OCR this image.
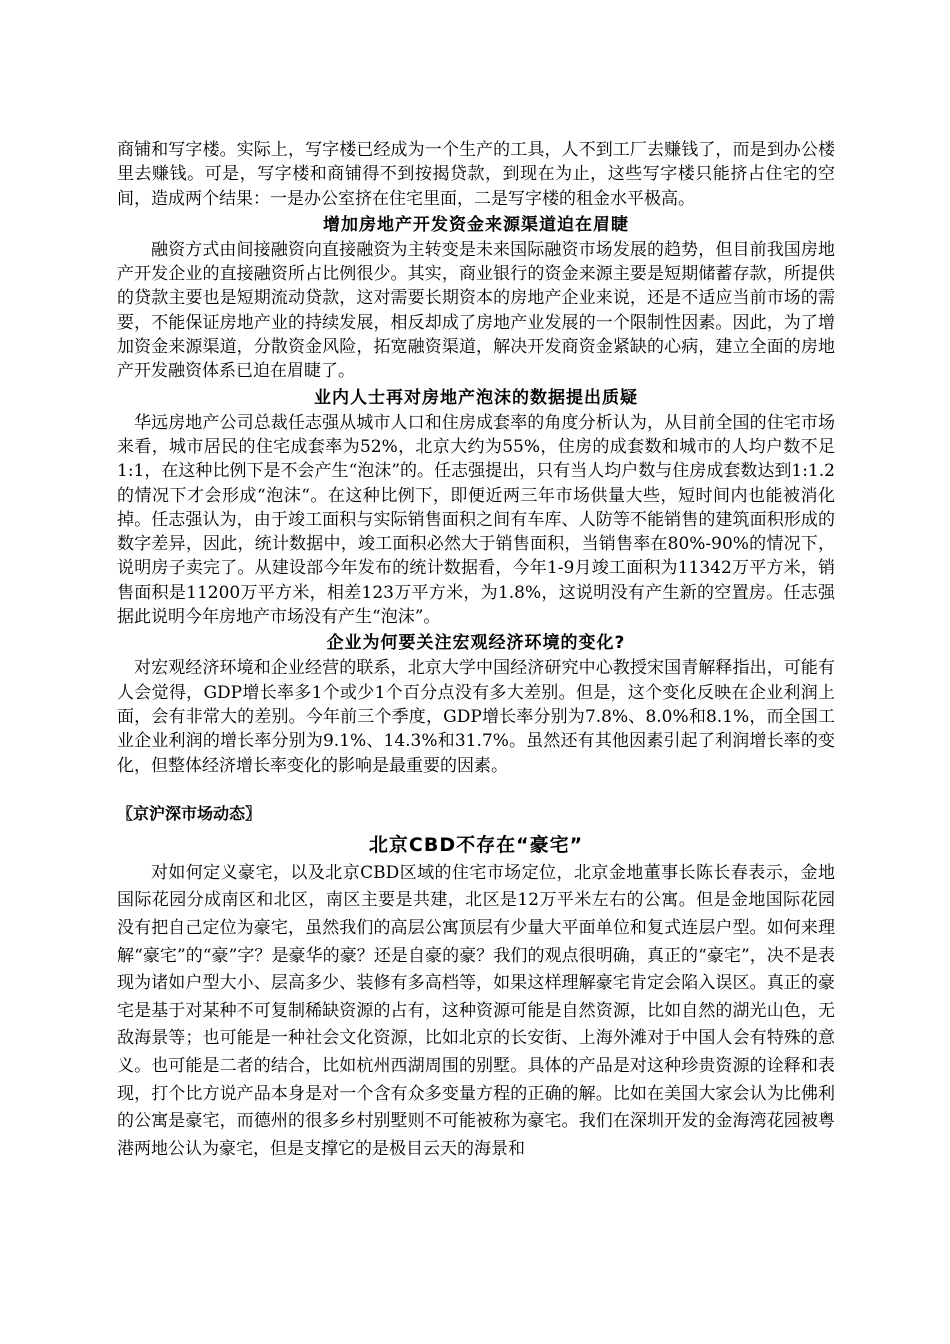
商铺和写字楼。实际上，写字楼已经成为一个生产的工具，人不到工厂去赚钱了，而是到办公楼里去赚钱。可是，写字楼和商铺得不到按揭贷款，到现在为止，这些写字楼只能挤占住宅的空间，造成两个结果：一是办公室挤在住宅里面，二是写字楼的租金水平极高。

增加房地产开发资金来源渠道迫在眉睫

融资方式由间接融资向直接融资为主转变是未来国际融资市场发展的趋势，但目前我国房地产开发企业的直接融资所占比例很少。其实，商业银行的资金来源主要是短期储蓄存款，所提供的贷款主要也是短期流动贷款，这对需要长期资本的房地产企业来说，还是不适应当前市场的需要，不能保证房地产业的持续发展，相反却成了房地产业发展的一个限制性因素。因此，为了增加资金来源渠道，分散资金风险，拓宽融资渠道，解决开发商资金紧缺的心病，建立全面的房地产开发融资体系已迫在眉睫了。

业内人士再对房地产泡沫的数据提出质疑

华远房地产公司总裁任志强从城市人口和住房成套率的角度分析认为，从目前全国的住宅市场来看，城市居民的住宅成套率为52%，北京大约为55%，住房的成套数和城市的人均户数不足1:1，在这种比例下是不会产生“泡沫”的。任志强提出，只有当人均户数与住房成套数达到1:1.2的情况下才会形成“泡沫“。在这种比例下，即便近两三年市场供量大些，短时间内也能被消化掉。任志强认为，由于竣工面积与实际销售面积之间有车库、人防等不能销售的建筑面积形成的数字差异，因此，统计数据中，竣工面积必然大于销售面积，当销售率在80%-90%的情况下，说明房子卖完了。从建设部今年发布的统计数据看，今年1-9月竣工面积为11342万平方米，销售面积是11200万平方米，相差123万平方米，为1.8%，这说明没有产生新的空置房。任志强据此说明今年房地产市场没有产生“泡沫”。

企业为何要关注宏观经济环境的变化?

对宏观经济环境和企业经营的联系，北京大学中国经济研究中心教授宋国青解释指出，可能有人会觉得，GDP增长率多1个或少1个百分点没有多大差别。但是，这个变化反映在企业利润上面，会有非常大的差别。今年前三个季度，GDP增长率分别为7.8%、8.0%和8.1%，而全国工业企业利润的增长率分别为9.1%、14.3%和31.7%。虽然还有其他因素引起了利润增长率的变化，但整体经济增长率变化的影响是最重要的因素。

〖京沪深市场动态〗

北京CBD不存在“豪宅”

对如何定义豪宅，以及北京CBD区域的住宅市场定位，北京金地董事长陈长春表示，金地国际花园分成南区和北区，南区主要是共建，北区是12万平米左右的公寓。但是金地国际花园没有把自己定位为豪宅，虽然我们的高层公寓顶层有少量大平面单位和复式连层户型。如何来理解“豪宅”的“豪”字？是豪华的豪？还是自豪的豪？我们的观点很明确，真正的“豪宅”，决不是表现为诸如户型大小、层高多少、装修有多高档等，如果这样理解豪宅肯定会陷入误区。真正的豪宅是基于对某种不可复制稀缺资源的占有，这种资源可能是自然资源，比如自然的湖光山色，无敌海景等；也可能是一种社会文化资源，比如北京的长安街、上海外滩对于中国人会有特殊的意义。也可能是二者的结合，比如杭州西湖周围的别墅。具体的产品是对这种珍贵资源的诠释和表现，打个比方说产品本身是对一个含有众多变量方程的正确的解。比如在美国大家会认为比佛利的公寓是豪宅，而德州的很多乡村别墅则不可能被称为豪宅。我们在深圳开发的金海湾花园被粤港两地公认为豪宅，但是支撑它的是极目云天的海景和
